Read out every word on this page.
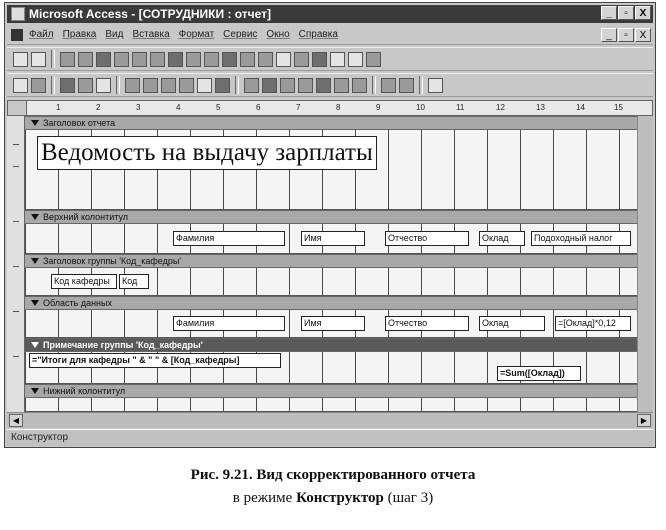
Microsoft Access - [СОТРУДНИКИ : отчет]	_	▫	X
Файл Правка Вид Вставка Формат Сервис Окно Справка	_	▫	X
1	2	3	4	5	6	7	8	9	10	11	12	13	14	15
Заголовок отчета
Ведомость на выдачу зарплаты
Верхний колонтитул
Фамилия	Имя	Отчество	Оклад	Подоходный налог
Заголовок группы 'Код_кафедры'
Код кафедры	Код
Область данных
Фамилия	Имя	Отчество	Оклад	=[Оклад]*0,12
Примечание группы 'Код_кафедры'
="Итоги для кафедры " & " " & [Код_кафедры]
=Sum([Оклад])
Нижний колонтитул
◀	▶
Конструктор
Рис. 9.21. Вид скорректированного отчета
в режиме Конструктор (шаг 3)
